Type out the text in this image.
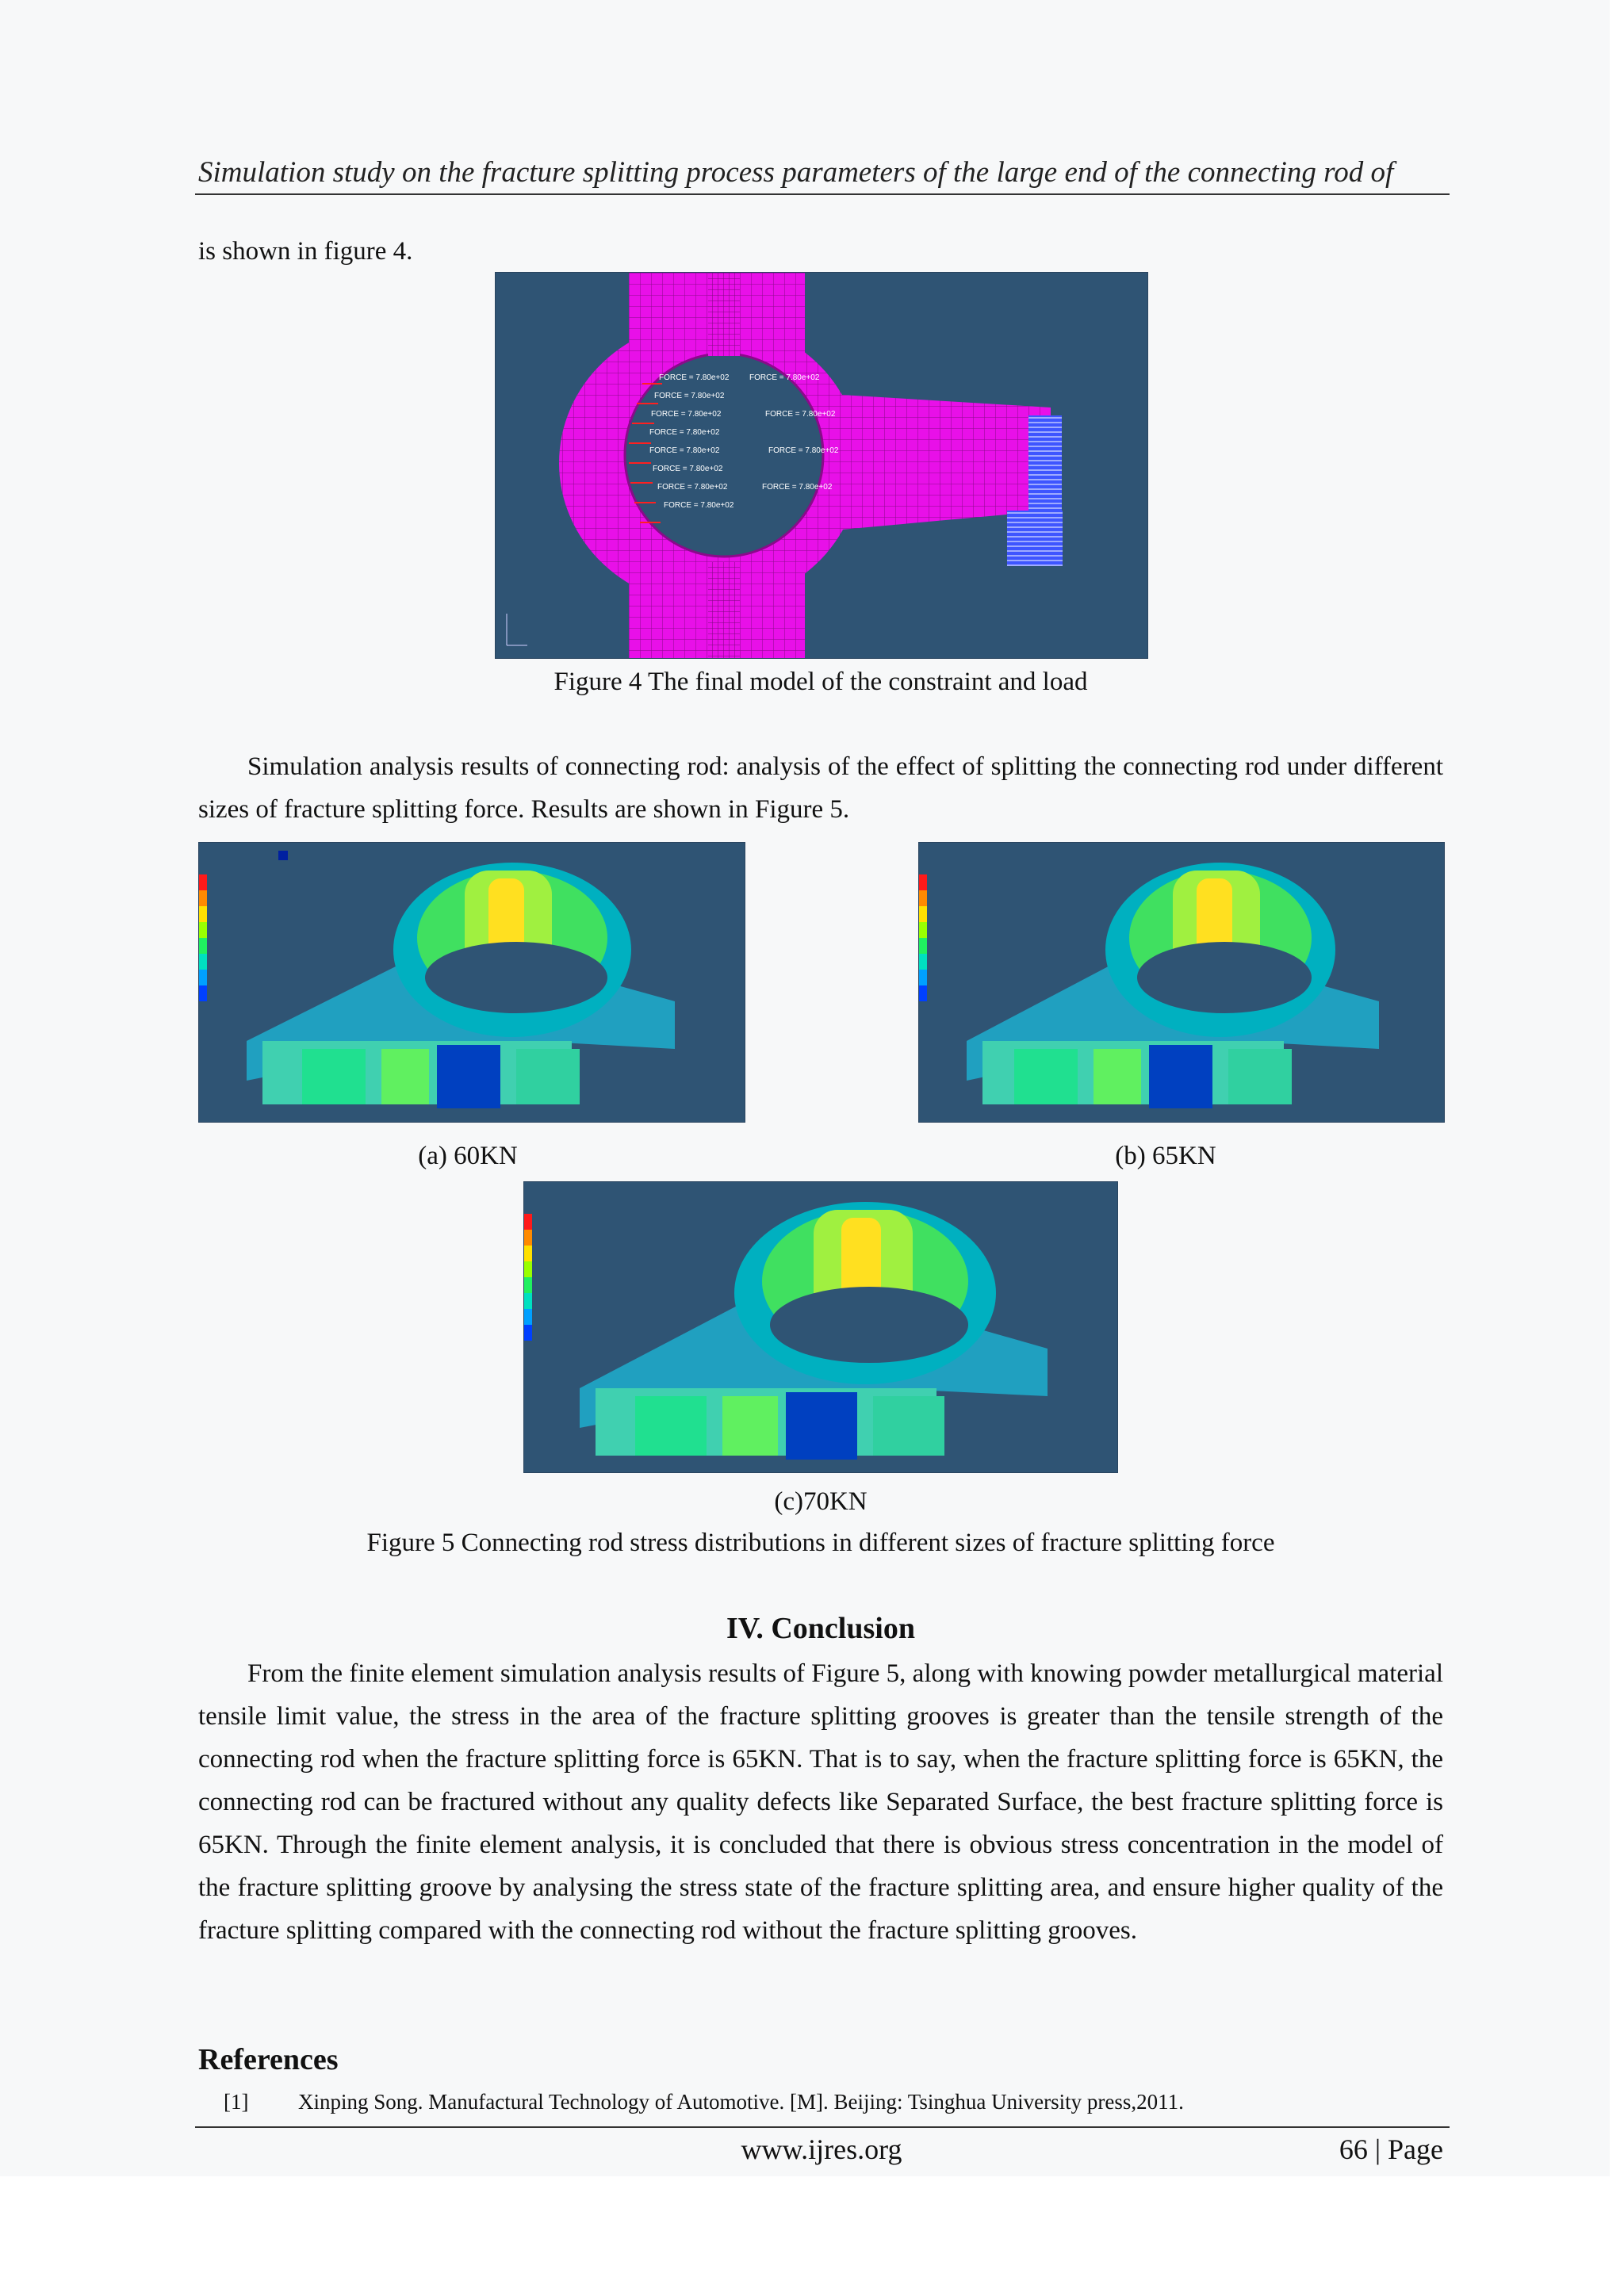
Simulation study on the fracture splitting process parameters of the large end of the connecting rod of
is shown in figure 4.
FORCE = 7.80e+02
FORCE = 7.80e+02
FORCE = 7.80e+02
FORCE = 7.80e+02
FORCE = 7.80e+02
FORCE = 7.80e+02
FORCE = 7.80e+02
FORCE = 7.80e+02
FORCE = 7.80e+02
FORCE = 7.80e+02
FORCE = 7.80e+02
FORCE = 7.80e+02
Figure 4 The final model of the constraint and load
Simulation analysis results of connecting rod: analysis of the effect of splitting the connecting rod under different sizes of fracture splitting force. Results are shown in Figure 5.
(a) 60KN	(b) 65KN
(c)70KN
Figure 5 Connecting rod stress distributions in different sizes of fracture splitting force
IV. Conclusion
From the finite element simulation analysis results of Figure 5, along with knowing powder metallurgical material tensile limit value, the stress in the area of the fracture splitting grooves is greater than the tensile strength of the connecting rod when the fracture splitting force is 65KN. That is to say, when the fracture splitting force is 65KN, the connecting rod can be fractured without any quality defects like Separated Surface, the best fracture splitting force is 65KN. Through the finite element analysis, it is concluded that there is obvious stress concentration in the model of the fracture splitting groove by analysing the stress state of the fracture splitting area, and ensure higher quality of the fracture splitting compared with the connecting rod without the fracture splitting grooves.
References
[1]	Xinping Song. Manufactural Technology of Automotive. [M]. Beijing: Tsinghua University press,2011.
www.ijres.org	66 | Page
